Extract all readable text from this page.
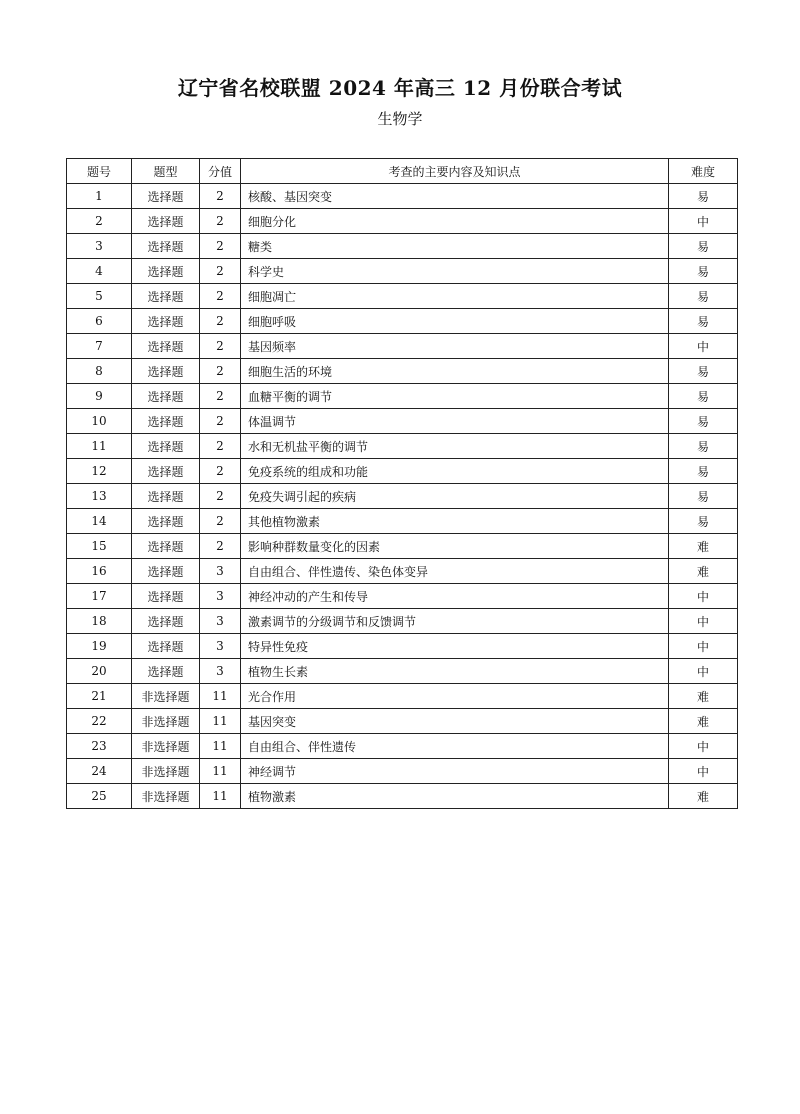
辽宁省名校联盟 2024 年高三 12 月份联合考试
生物学
题号	题型	分值	考查的主要内容及知识点	难度
1	选择题	2	核酸、基因突变	易
2	选择题	2	细胞分化	中
3	选择题	2	糖类	易
4	选择题	2	科学史	易
5	选择题	2	细胞凋亡	易
6	选择题	2	细胞呼吸	易
7	选择题	2	基因频率	中
8	选择题	2	细胞生活的环境	易
9	选择题	2	血糖平衡的调节	易
10	选择题	2	体温调节	易
11	选择题	2	水和无机盐平衡的调节	易
12	选择题	2	免疫系统的组成和功能	易
13	选择题	2	免疫失调引起的疾病	易
14	选择题	2	其他植物激素	易
15	选择题	2	影响种群数量变化的因素	难
16	选择题	3	自由组合、伴性遗传、染色体变异	难
17	选择题	3	神经冲动的产生和传导	中
18	选择题	3	激素调节的分级调节和反馈调节	中
19	选择题	3	特异性免疫	中
20	选择题	3	植物生长素	中
21	非选择题	11	光合作用	难
22	非选择题	11	基因突变	难
23	非选择题	11	自由组合、伴性遗传	中
24	非选择题	11	神经调节	中
25	非选择题	11	植物激素	难
